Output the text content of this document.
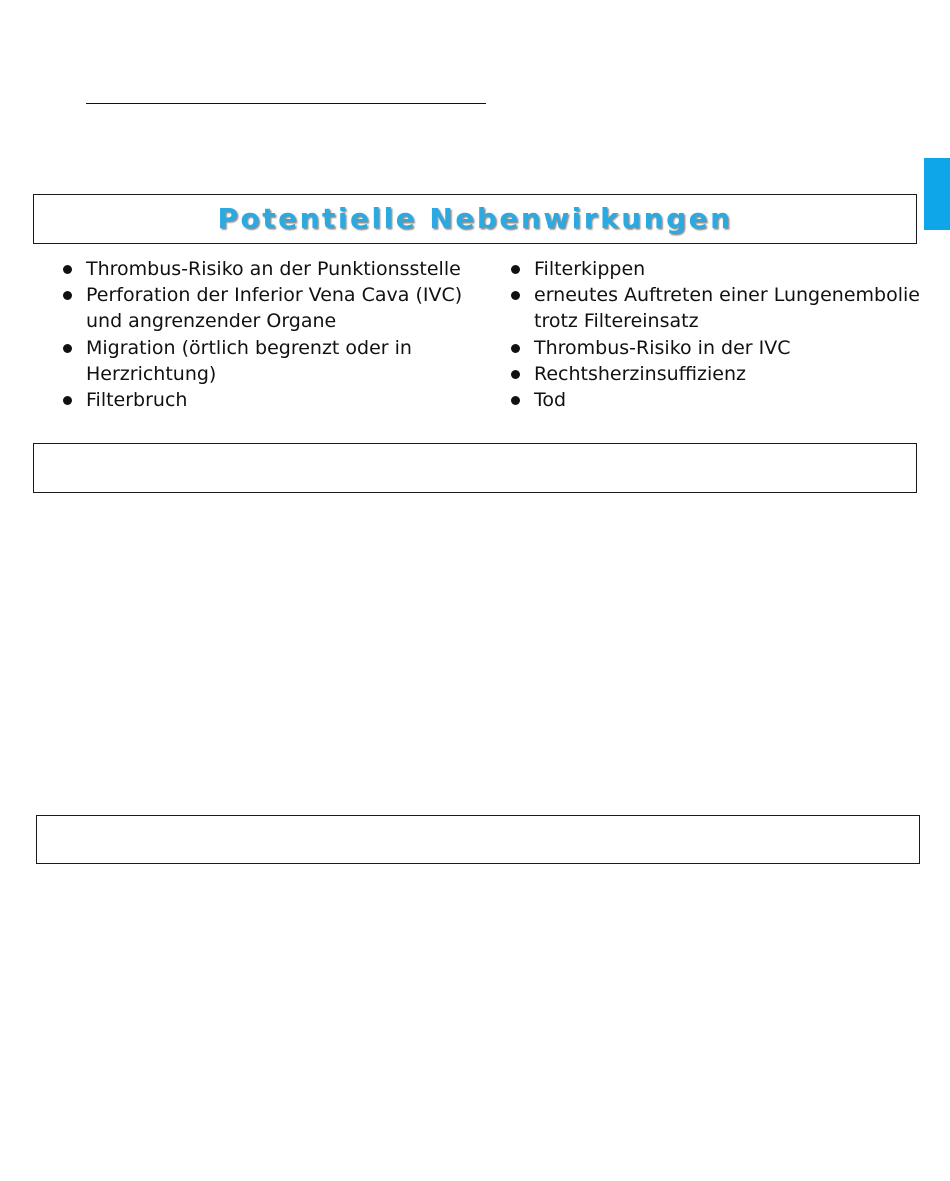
Potentielle Nebenwirkungen
Thrombus-Risiko an der Punktionsstelle
Perforation der Inferior Vena Cava (IVC)
und angrenzender Organe
Migration (örtlich begrenzt oder in
Herzrichtung)
Filterbruch
Filterkippen
erneutes Auftreten einer Lungenembolie
trotz Filtereinsatz
Thrombus-Risiko in der IVC
Rechtsherzinsuffizienz
Tod
